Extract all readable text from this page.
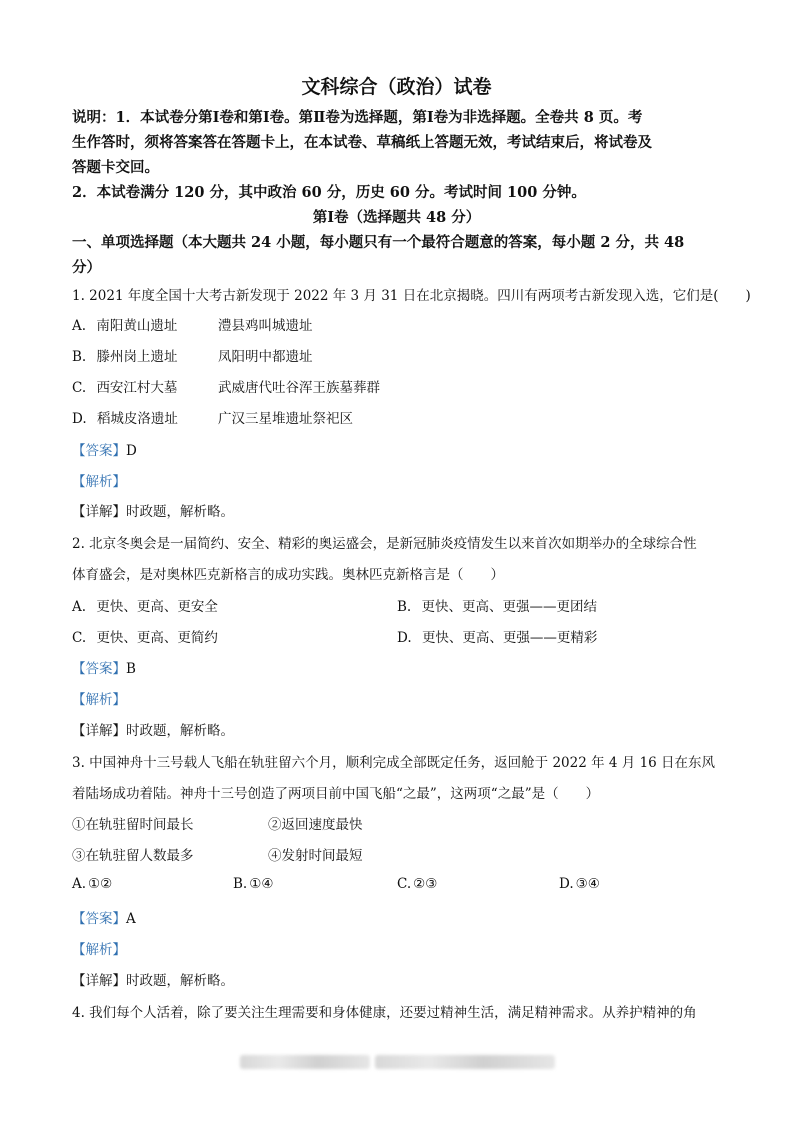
文科综合（政治）试卷
说明：1．本试卷分第Ⅰ卷和第Ⅰ卷。第Ⅱ卷为选择题，第Ⅰ卷为非选择题。全卷共 8 页。考
生作答时，须将答案答在答题卡上，在本试卷、草稿纸上答题无效，考试结束后，将试卷及
答题卡交回。
2．本试卷满分 120 分，其中政治 60 分，历史 60 分。考试时间 100 分钟。
第Ⅰ卷（选择题共 48 分）
一、单项选择题（本大题共 24 小题，每小题只有一个最符合题意的答案，每小题 2 分，共 48
分）
1. 2021 年度全国十大考古新发现于 2022 年 3 月 31 日在北京揭晓。四川有两项考古新发现入选，它们是(　　)
A. 南阳黄山遗址	澧县鸡叫城遗址
B. 滕州岗上遗址	凤阳明中都遗址
C. 西安江村大墓	武威唐代吐谷浑王族墓葬群
D. 稻城皮洛遗址	广汉三星堆遗址祭祀区
【答案】D
【解析】
【详解】时政题，解析略。
2. 北京冬奥会是一届简约、安全、精彩的奥运盛会，是新冠肺炎疫情发生以来首次如期举办的全球综合性
体育盛会，是对奥林匹克新格言的成功实践。奥林匹克新格言是（　　）
A. 更快、更高、更安全	B. 更快、更高、更强——更团结
C. 更快、更高、更简约	D. 更快、更高、更强——更精彩
【答案】B
【解析】
【详解】时政题，解析略。
3. 中国神舟十三号载人飞船在轨驻留六个月，顺利完成全部既定任务，返回舱于 2022 年 4 月 16 日在东风
着陆场成功着陆。神舟十三号创造了两项目前中国飞船“之最”，这两项“之最”是（　　）
①在轨驻留时间最长	②返回速度最快
③在轨驻留人数最多	④发射时间最短
A. ①②	B. ①④	C. ②③	D. ③④
【答案】A
【解析】
【详解】时政题，解析略。
4. 我们每个人活着，除了要关注生理需要和身体健康，还要过精神生活，满足精神需求。从养护精神的角
